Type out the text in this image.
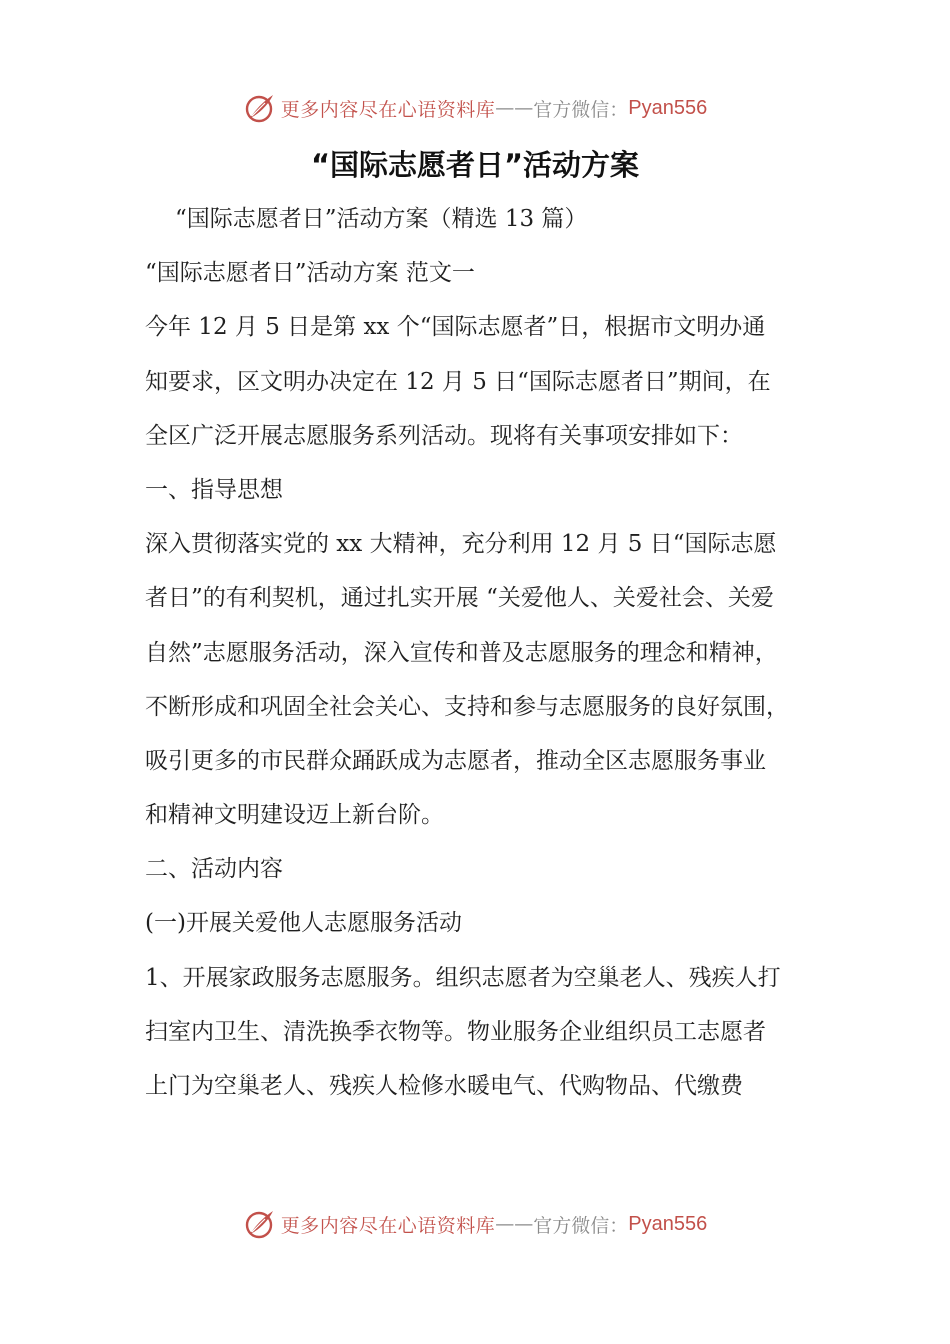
更多内容尽在心语资料库 —— 官方微信： Pyan556
“国际志愿者日”活动方案
“国际志愿者日”活动方案（精选 13 篇）
“国际志愿者日”活动方案 范文一
今年 12 月 5 日是第 xx 个“国际志愿者”日，根据市文明办通
知要求，区文明办决定在 12 月 5 日“国际志愿者日”期间，在
全区广泛开展志愿服务系列活动。现将有关事项安排如下：
一、指导思想
深入贯彻落实党的 xx 大精神，充分利用 12 月 5 日“国际志愿
者日”的有利契机，通过扎实开展 “关爱他人、关爱社会、关爱
自然”志愿服务活动，深入宣传和普及志愿服务的理念和精神，
不断形成和巩固全社会关心、支持和参与志愿服务的良好氛围，
吸引更多的市民群众踊跃成为志愿者，推动全区志愿服务事业
和精神文明建设迈上新台阶。
二、活动内容
(一)开展关爱他人志愿服务活动
1、开展家政服务志愿服务。组织志愿者为空巢老人、残疾人打
扫室内卫生、清洗换季衣物等。物业服务企业组织员工志愿者
上门为空巢老人、残疾人检修水暖电气、代购物品、代缴费
更多内容尽在心语资料库 —— 官方微信： Pyan556
